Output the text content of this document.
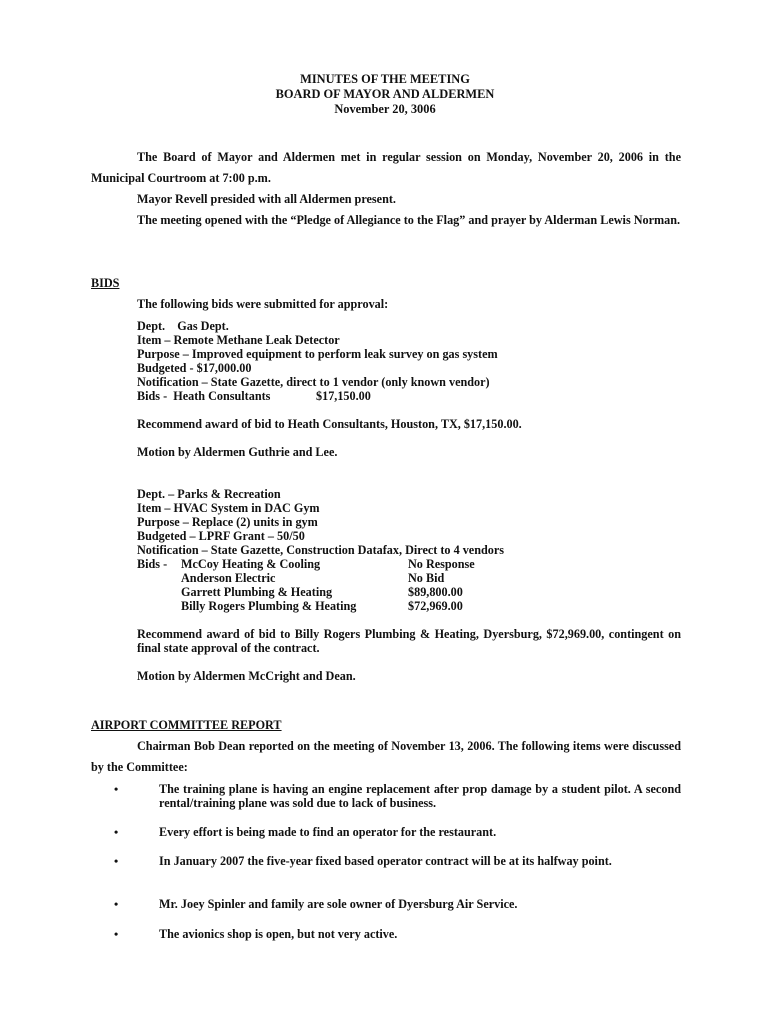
MINUTES OF THE MEETING
BOARD OF MAYOR AND ALDERMEN
November 20, 3006
The Board of Mayor and Aldermen met in regular session on Monday, November 20, 2006 in the Municipal Courtroom at 7:00 p.m.
Mayor Revell presided with all Aldermen present.
The meeting opened with the “Pledge of Allegiance to the Flag” and prayer by Alderman Lewis Norman.
BIDS
The following bids were submitted for approval:
Dept.    Gas Dept.
Item – Remote Methane Leak Detector
Purpose – Improved equipment to perform leak survey on gas system
Budgeted - $17,000.00
Notification – State Gazette, direct to 1 vendor (only known vendor)
Bids -  Heath Consultants	$17,150.00
Recommend award of bid to Heath Consultants, Houston, TX, $17,150.00.
Motion by Aldermen Guthrie and Lee.
Dept. – Parks & Recreation
Item – HVAC System in DAC Gym
Purpose – Replace (2) units in gym
Budgeted – LPRF Grant – 50/50
Notification – State Gazette, Construction Datafax, Direct to 4 vendors
Bids - McCoy Heating & Cooling	No Response
Anderson Electric	No Bid
Garrett Plumbing & Heating	$89,800.00
Billy Rogers Plumbing & Heating	$72,969.00
Recommend award of bid to Billy Rogers Plumbing & Heating, Dyersburg, $72,969.00, contingent on final state approval of the contract.
Motion by Aldermen McCright and Dean.
AIRPORT COMMITTEE REPORT
Chairman Bob Dean reported on the meeting of November 13, 2006. The following items were discussed by the Committee:
•	The training plane is having an engine replacement after prop damage by a student pilot. A second rental/training plane was sold due to lack of business.
•	Every effort is being made to find an operator for the restaurant.
•	In January 2007 the five-year fixed based operator contract will be at its halfway point.
•	Mr. Joey Spinler and family are sole owner of Dyersburg Air Service.
•	The avionics shop is open, but not very active.
